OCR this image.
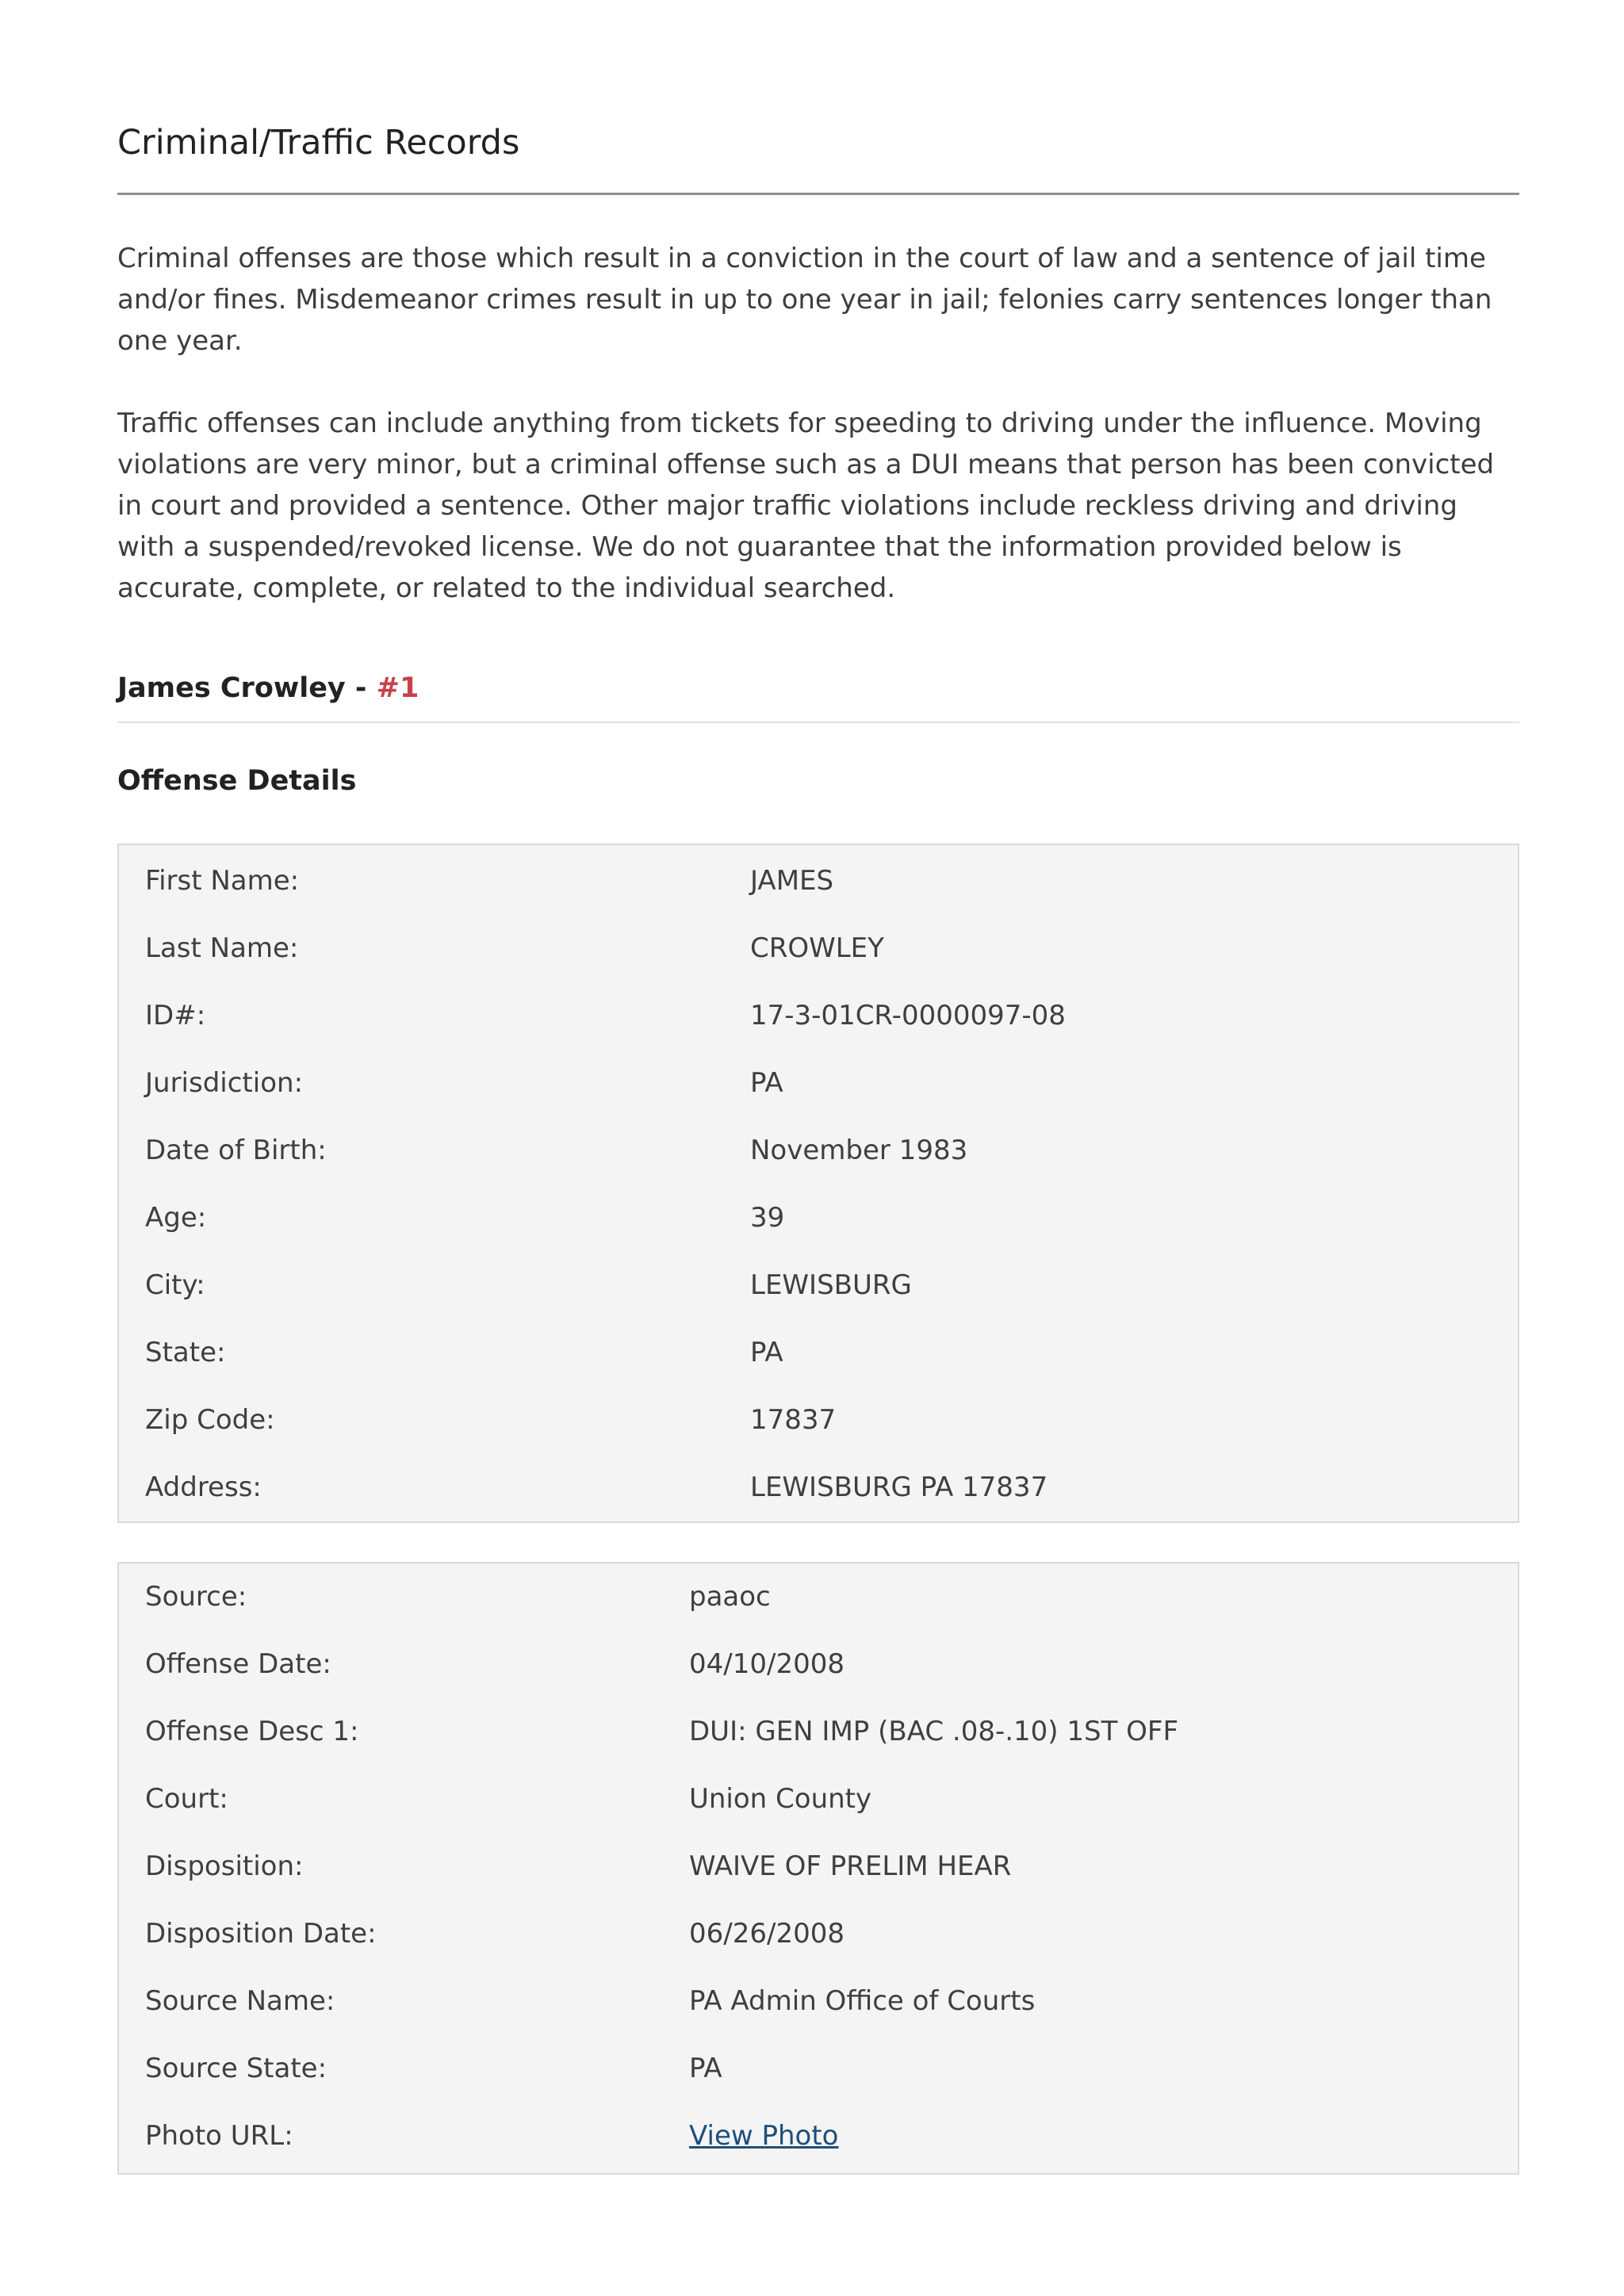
Criminal/Traffic Records

Criminal offenses are those which result in a conviction in the court of law and a sentence of jail time and/or fines. Misdemeanor crimes result in up to one year in jail; felonies carry sentences longer than one year.

Traffic offenses can include anything from tickets for speeding to driving under the influence. Moving violations are very minor, but a criminal offense such as a DUI means that person has been convicted in court and provided a sentence. Other major traffic violations include reckless driving and driving with a suspended/revoked license. We do not guarantee that the information provided below is accurate, complete, or related to the individual searched.

James Crowley - #1
Offense Details
First Name:	JAMES
Last Name:	CROWLEY
ID#:	17-3-01CR-0000097-08
Jurisdiction:	PA
Date of Birth:	November 1983
Age:	39
City:	LEWISBURG
State:	PA
Zip Code:	17837
Address:	LEWISBURG PA 17837
Source:	paaoc
Offense Date:	04/10/2008
Offense Desc 1:	DUI: GEN IMP (BAC .08-.10) 1ST OFF
Court:	Union County
Disposition:	WAIVE OF PRELIM HEAR
Disposition Date:	06/26/2008
Source Name:	PA Admin Office of Courts
Source State:	PA
Photo URL:	View Photo
